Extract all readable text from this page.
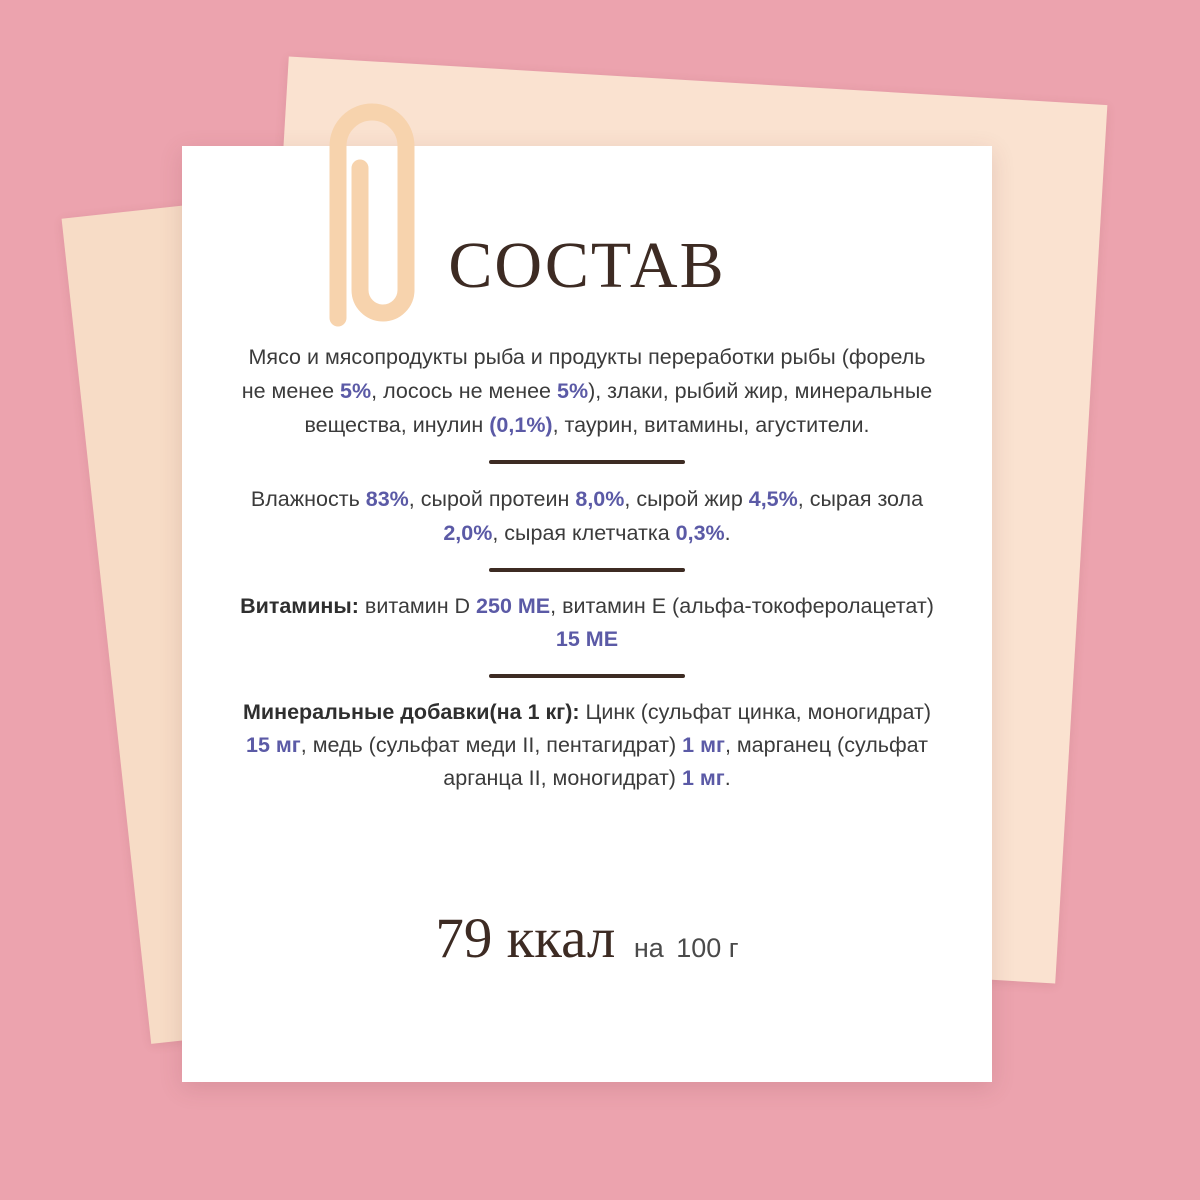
СОСТАВ

Мясо и мясопродукты рыба и продукты переработки рыбы (форель не менее 5%, лосось не менее 5%), злаки, рыбий жир, минеральные вещества, инулин (0,1%), таурин, витамины, агустители.

Влажность 83%, сырой протеин 8,0%, сырой жир 4,5%, сырая зола 2,0%, сырая клетчатка 0,3%.

Витамины: витамин D 250 МЕ, витамин E (альфа-токоферолацетат) 15 МЕ

Минеральные добавки(на 1 кг): Цинк (сульфат цинка, моногидрат) 15 мг, медь (сульфат меди II, пентагидрат) 1 мг, марганец (сульфат арганца II, моногидрат) 1 мг.

79 ккал на 100 г
